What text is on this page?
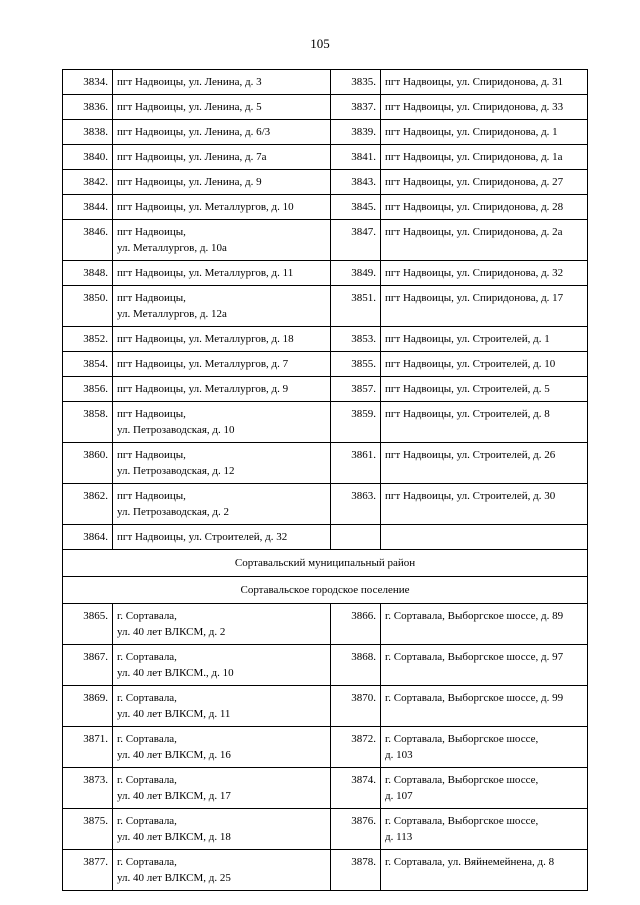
105
3834.	пгт Надвоицы, ул. Ленина, д. 3	3835.	пгт Надвоицы, ул. Спиридонова, д. 31

3836.	пгт Надвоицы, ул. Ленина, д. 5	3837.	пгт Надвоицы, ул. Спиридонова, д. 33

3838.	пгт Надвоицы, ул. Ленина, д. 6/3	3839.	пгт Надвоицы, ул. Спиридонова, д. 1

3840.	пгт Надвоицы, ул. Ленина, д. 7а	3841.	пгт Надвоицы, ул. Спиридонова, д. 1а

3842.	пгт Надвоицы, ул. Ленина, д. 9	3843.	пгт Надвоицы, ул. Спиридонова, д. 27

3844.	пгт Надвоицы, ул. Металлургов, д. 10	3845.	пгт Надвоицы, ул. Спиридонова, д. 28

3846.	пгт Надвоицы,
ул. Металлургов, д. 10а	3847.	пгт Надвоицы, ул. Спиридонова, д. 2а

3848.	пгт Надвоицы, ул. Металлургов, д. 11	3849.	пгт Надвоицы, ул. Спиридонова, д. 32

3850.	пгт Надвоицы,
ул. Металлургов, д. 12а	3851.	пгт Надвоицы, ул. Спиридонова, д. 17

3852.	пгт Надвоицы, ул. Металлургов, д. 18	3853.	пгт Надвоицы, ул. Строителей, д. 1

3854.	пгт Надвоицы, ул. Металлургов, д. 7	3855.	пгт Надвоицы, ул. Строителей, д. 10

3856.	пгт Надвоицы, ул. Металлургов, д. 9	3857.	пгт Надвоицы, ул. Строителей, д. 5

3858.	пгт Надвоицы,
ул. Петрозаводская, д. 10	3859.	пгт Надвоицы, ул. Строителей, д. 8

3860.	пгт Надвоицы,
ул. Петрозаводская, д. 12	3861.	пгт Надвоицы, ул. Строителей, д. 26

3862.	пгт Надвоицы,
ул. Петрозаводская, д. 2	3863.	пгт Надвоицы, ул. Строителей, д. 30

3864.	пгт Надвоицы, ул. Строителей, д. 32		

Сортавальский муниципальный район			
Сортавальское городское поселение			
3865.	г. Сортавала,
ул. 40 лет ВЛКСМ, д. 2	3866.	г. Сортавала, Выборгское шоссе, д. 89

3867.	г. Сортавала,
ул. 40 лет ВЛКСМ., д. 10	3868.	г. Сортавала, Выборгское шоссе, д. 97

3869.	г. Сортавала,
ул. 40 лет ВЛКСМ, д. 11	3870.	г. Сортавала, Выборгское шоссе, д. 99

3871.	г. Сортавала,
ул. 40 лет ВЛКСМ, д. 16	3872.	г. Сортавала, Выборгское шоссе,
д. 103

3873.	г. Сортавала,
ул. 40 лет ВЛКСМ, д. 17	3874.	г. Сортавала, Выборгское шоссе,
д. 107

3875.	г. Сортавала,
ул. 40 лет ВЛКСМ, д. 18	3876.	г. Сортавала, Выборгское шоссе,
д. 113

3877.	г. Сортавала,
ул. 40 лет ВЛКСМ, д. 25	3878.	г. Сортавала, ул. Вяйнемейнена, д. 8
